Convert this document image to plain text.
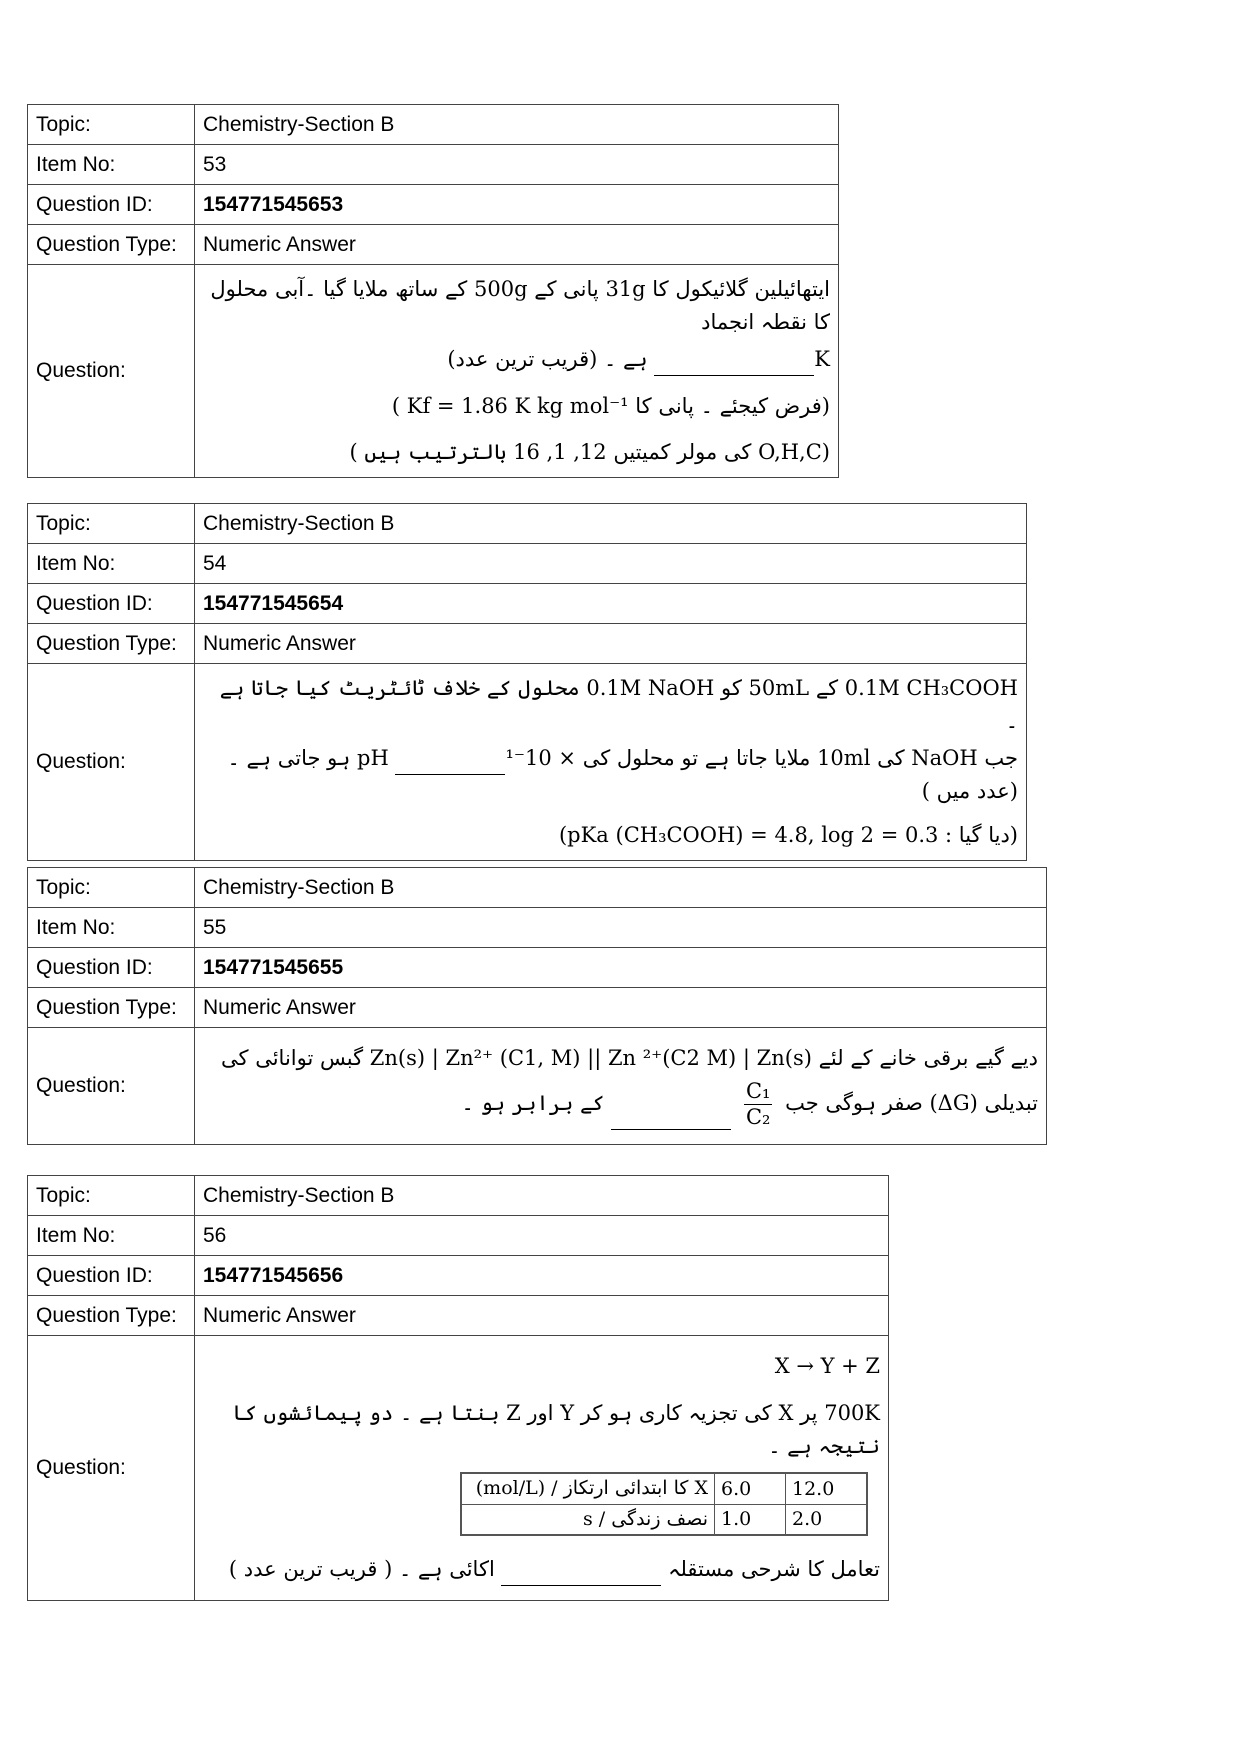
Topic:	Chemistry-Section B
Item No:	53
Question ID:	154771545653
Question Type:	Numeric Answer
Question:	ایتھائیلین گلائیکول کا 31g پانی کے 500g کے ساتھ ملایا گیا ۔آبی محلول کا نقطہ انجماد
K  ہے ۔ (قریب ترین عدد)
(فرض کیجئے ۔ پانی کا Kf = 1.86 K kg mol⁻¹ )
(O,H,C کی مولر کمیتیں 12, 1, 16 بالترتیب ہیں )
Topic:	Chemistry-Section B
Item No:	54
Question ID:	154771545654
Question Type:	Numeric Answer
Question:	0.1M CH₃COOH کے 50mL کو 0.1M NaOH محلول کے خلاف ٹائٹریٹ کیا جاتا ہے ۔
جب NaOH کی 10ml ملایا جاتا ہے تو محلول کی × 10⁻¹  pH ہو جاتی ہے ۔ (عدد میں )
(دیا گیا : pKa (CH₃COOH) = 4.8, log 2 = 0.3)
Topic:	Chemistry-Section B
Item No:	55
Question ID:	154771545655
Question Type:	Numeric Answer
Question:	دیے گیے برقی خانے کے لئے Zn(s) | Zn²⁺ (C1, M) || Zn ²⁺(C2 M) | Zn(s) گبس توانائی کی
تبدیلی (ΔG) صفر ہوگی جب
$\frac{\text{C₁}}{\text{C₂}}$
کے برابر ہو ۔
Topic:	Chemistry-Section B
Item No:	56
Question ID:	154771545656
Question Type:	Numeric Answer
Question:	
X → Y + Z
700K پر X کی تجزیہ کاری ہو کر Y اور Z بنتا ہے ۔ دو پیمائشوں کا نتیجہ ہے ۔
X کا ابتدائی ارتکاز / (mol/L)	6.0	12.0
نصف زندگی / s	1.0	2.0
تعامل کا شرحی مستقلہ   اکائی ہے ۔ ( قریب ترین عدد )
